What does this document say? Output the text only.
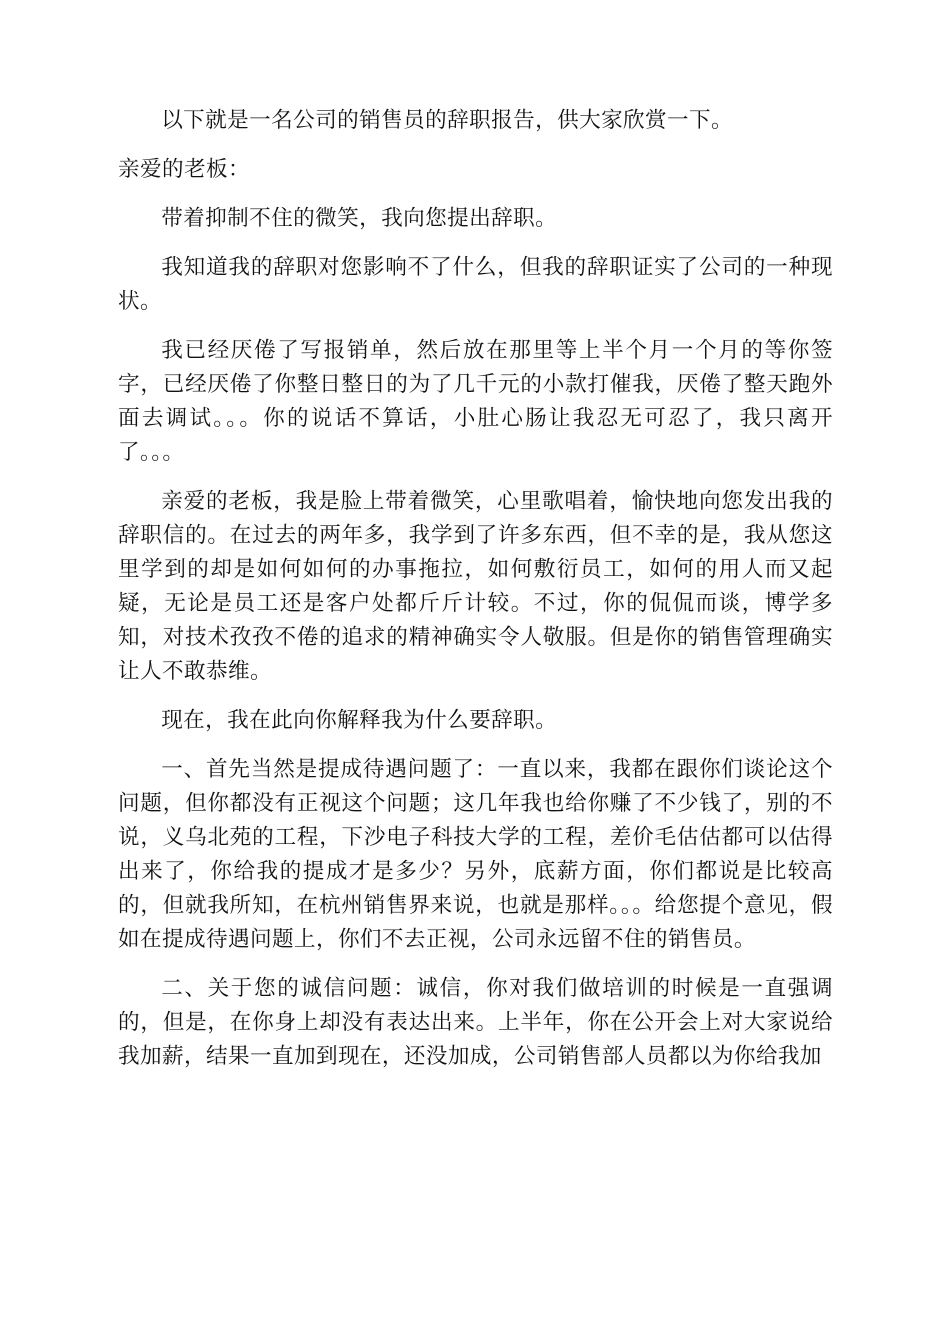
以下就是一名公司的销售员的辞职报告，供大家欣赏一下。

亲爱的老板：

带着抑制不住的微笑，我向您提出辞职。

我知道我的辞职对您影响不了什么，但我的辞职证实了公司的一种现状。

我已经厌倦了写报销单，然后放在那里等上半个月一个月的等你签字，已经厌倦了你整日整日的为了几千元的小款打催我，厌倦了整天跑外面去调试。。。你的说话不算话，小肚心肠让我忍无可忍了，我只离开了。。。

亲爱的老板，我是脸上带着微笑，心里歌唱着，愉快地向您发出我的辞职信的。在过去的两年多，我学到了许多东西，但不幸的是，我从您这里学到的却是如何如何的办事拖拉，如何敷衍员工，如何的用人而又起疑，无论是员工还是客户处都斤斤计较。不过，你的侃侃而谈，博学多知，对技术孜孜不倦的追求的精神确实令人敬服。但是你的销售管理确实让人不敢恭维。

现在，我在此向你解释我为什么要辞职。

一、首先当然是提成待遇问题了：一直以来，我都在跟你们谈论这个问题，但你都没有正视这个问题；这几年我也给你赚了不少钱了，别的不说，义乌北苑的工程，下沙电子科技大学的工程，差价毛估估都可以估得出来了，你给我的提成才是多少？另外，底薪方面，你们都说是比较高的，但就我所知，在杭州销售界来说，也就是那样。。。给您提个意见，假如在提成待遇问题上，你们不去正视，公司永远留不住的销售员。

二、关于您的诚信问题：诚信，你对我们做培训的时候是一直强调的，但是，在你身上却没有表达出来。上半年，你在公开会上对大家说给我加薪，结果一直加到现在，还没加成，公司销售部人员都以为你给我加
